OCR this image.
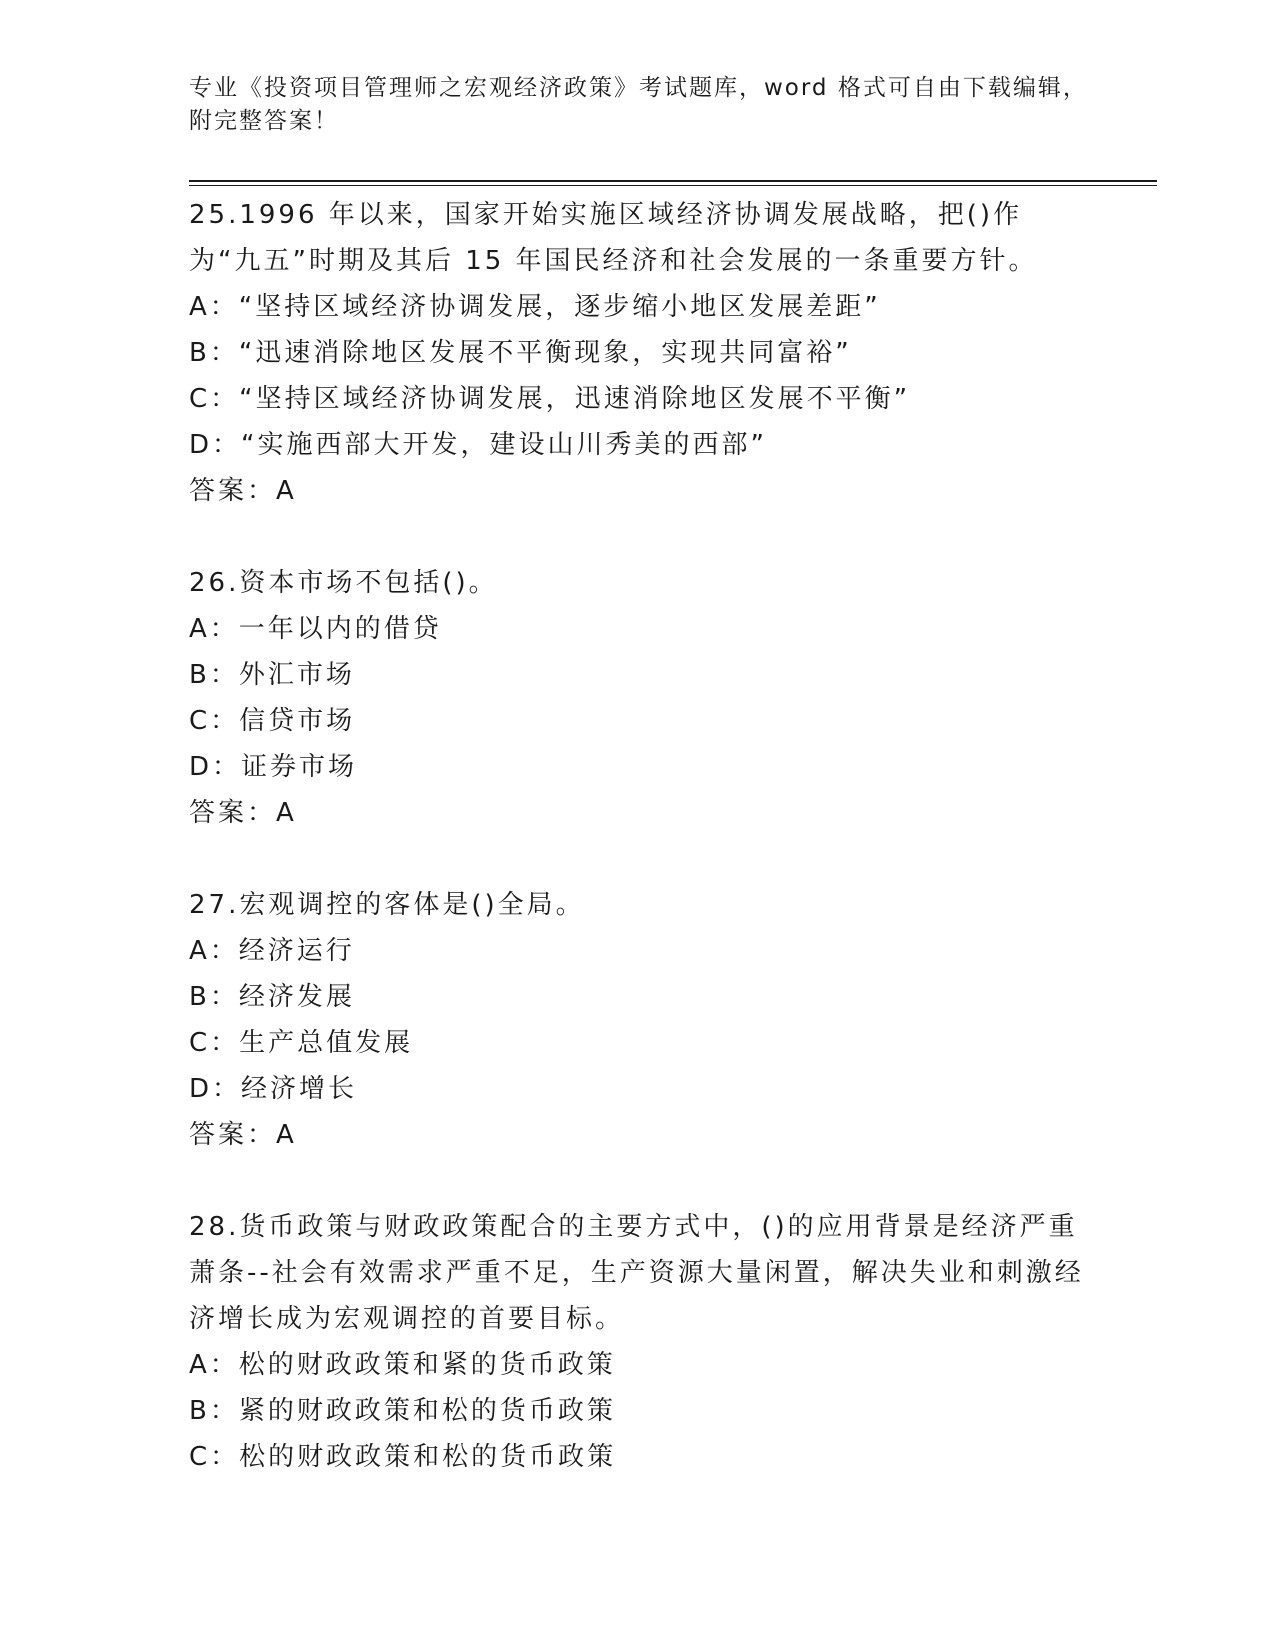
专业《投资项目管理师之宏观经济政策》考试题库，word 格式可自由下载编辑，
附完整答案！
25.1996 年以来，国家开始实施区域经济协调发展战略，把()作为“九五”时期及其后 15 年国民经济和社会发展的一条重要方针。
A：“坚持区域经济协调发展，逐步缩小地区发展差距”
B：“迅速消除地区发展不平衡现象，实现共同富裕”
C：“坚持区域经济协调发展，迅速消除地区发展不平衡”
D：“实施西部大开发，建设山川秀美的西部”
答案：A
26.资本市场不包括()。
A：一年以内的借贷
B：外汇市场
C：信贷市场
D：证券市场
答案：A
27.宏观调控的客体是()全局。
A：经济运行
B：经济发展
C：生产总值发展
D：经济增长
答案：A
28.货币政策与财政政策配合的主要方式中，()的应用背景是经济严重萧条--社会有效需求严重不足，生产资源大量闲置，解决失业和刺激经济增长成为宏观调控的首要目标。
A：松的财政政策和紧的货币政策
B：紧的财政政策和松的货币政策
C：松的财政政策和松的货币政策
